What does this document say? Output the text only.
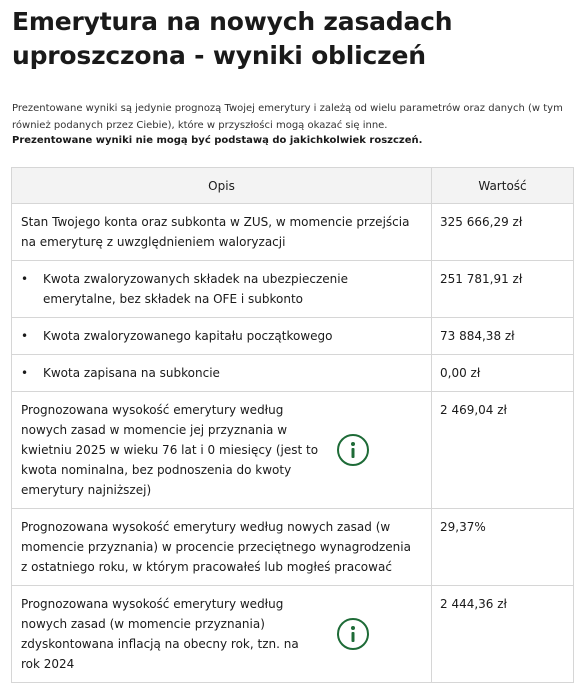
Emerytura na nowych zasadach
uproszczona - wyniki obliczeń

Prezentowane wyniki są jedynie prognozą Twojej emerytury i zależą od wielu parametrów oraz danych (w tym również podanych przez Ciebie), które w przyszłości mogą okazać się inne.

Prezentowane wyniki nie mogą być podstawą do jakichkolwiek roszczeń.

Opis	Wartość
Stan Twojego konta oraz subkonta w ZUS, w momencie przejścia na emeryturę z uwzględnieniem waloryzacji	325 666,29 zł

• Kwota zwaloryzowanych składek na ubezpieczenie emerytalne, bez składek na OFE i subkonto	251 781,91 zł

• Kwota zwaloryzowanego kapitału początkowego	73 884,38 zł

• Kwota zapisana na subkoncie	0,00 zł

Prognozowana wysokość emerytury według nowych zasad w momencie jej przyznania w kwietniu 2025 w wieku 76 lat i 0 miesięcy (jest to kwota nominalna, bez podnoszenia do kwoty emerytury najniższej)	2 469,04 zł
Prognozowana wysokość emerytury według nowych zasad (w momencie przyznania) w procencie przeciętnego wynagrodzenia z ostatniego roku, w którym pracowałeś lub mogłeś pracować	29,37%

Prognozowana wysokość emerytury według nowych zasad (w momencie przyznania) zdyskontowana inflacją na obecny rok, tzn. na rok 2024	2 444,36 zł
